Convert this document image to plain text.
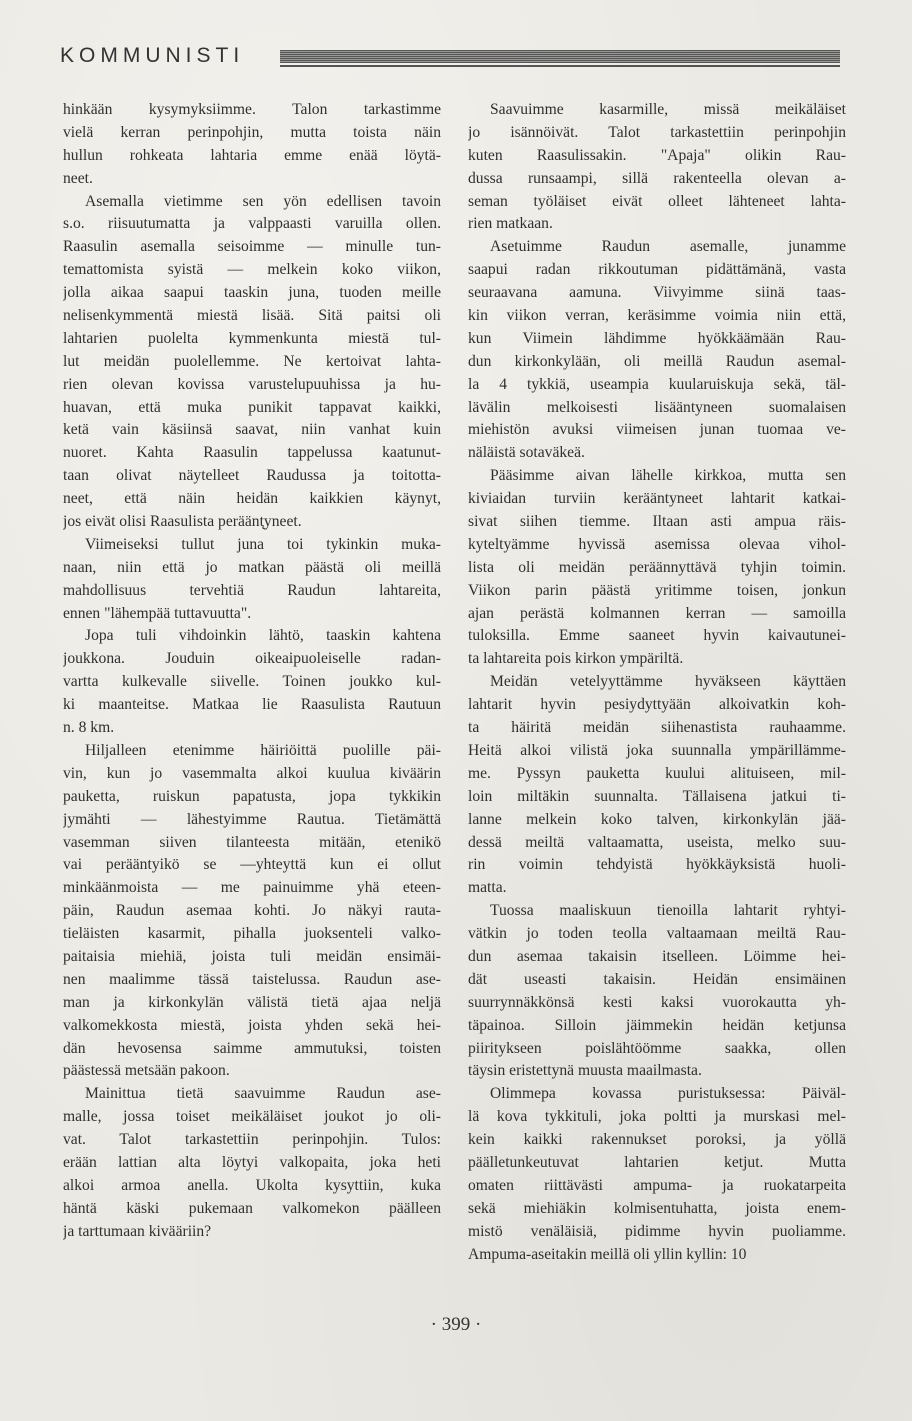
KOMMUNISTI
hinkään kysymyksiimme. Talon tarkastimme
vielä kerran perinpohjin, mutta toista näin
hullun rohkeata lahtaria emme enää löytä-
neet.
Asemalla vietimme sen yön edellisen tavoin
s.o. riisuutumatta ja valppaasti varuilla ollen.
Raasulin asemalla seisoimme — minulle tun-
temattomista syistä — melkein koko viikon,
jolla aikaa saapui taaskin juna, tuoden meille
nelisenkymmentä miestä lisää. Sitä paitsi oli
lahtarien puolelta kymmenkunta miestä tul-
lut meidän puolellemme. Ne kertoivat lahta-
rien olevan kovissa varustelupuuhissa ja hu-
huavan, että muka punikit tappavat kaikki,
ketä vain käsiinsä saavat, niin vanhat kuin
nuoret. Kahta Raasulin tappelussa kaatunut-
taan olivat näytelleet Raudussa ja toitotta-
neet, että näin heidän kaikkien käynyt,
jos eivät olisi Raasulista peräänt̨yneet.
Viimeiseksi tullut juna toi tykinkin muka-
naan, niin että jo matkan päästä oli meillä
mahdollisuus tervehtiä Raudun lahtareita,
ennen "lähempää tuttavuutta".
Jopa tuli vihdoinkin lähtö, taaskin kahtena
joukkona. Jouduin oikeaipuoleiselle radan-
vartta kulkevalle siivelle. Toinen joukko kul-
ki maanteitse. Matkaa lie Raasulista Rautuun
n. 8 km.
Hiljalleen etenimme häiriöittä puolille päi-
vin, kun jo vasemmalta alkoi kuulua kiväärin
pauketta, ruiskun papatusta, jopa tykkikin
jymähti — lähestyimme Rautua. Tietämättä
vasemman siiven tilanteesta mitään, etenikö
vai perääntyikö se —yhteyttä kun ei ollut
minkäänmoista — me painuimme yhä eteen-
päin, Raudun asemaa kohti. Jo näkyi rauta-
tieläisten kasarmit, pihalla juoksenteli valko-
paitaisia miehiä, joista tuli meidän ensimäi-
nen maalimme tässä taistelussa. Raudun ase-
man ja kirkonkylän välistä tietä ajaa neljä
valkomekkosta miestä, joista yhden sekä hei-
dän hevosensa saimme ammutuksi, toisten
päästessä metsään pakoon.
Mainittua tietä saavuimme Raudun ase-
malle, jossa toiset meikäläiset joukot jo oli-
vat. Talot tarkastettiin perinpohjin. Tulos:
erään lattian alta löytyi valkopaita, joka heti
alkoi armoa anella. Ukolta kysyttiin, kuka
häntä käski pukemaan valkomekon päälleen
ja tarttumaan kivääriin?
Saavuimme kasarmille, missä meikäläiset
jo isännöivät. Talot tarkastettiin perinpohjin
kuten Raasulissakin. "Apaja" olikin Rau-
dussa runsaampi, sillä rakenteella olevan a-
seman työläiset eivät olleet lähteneet lahta-
rien matkaan.
Asetuimme Raudun asemalle, junamme
saapui radan rikkoutuman pidättämänä, vasta
seuraavana aamuna. Viivyimme siinä taas-
kin viikon verran, keräsimme voimia niin että,
kun Viimein lähdimme hyökkäämään Rau-
dun kirkonkylään, oli meillä Raudun asemal-
la 4 tykkiä, useampia kuularuiskuja sekä, täl-
lävälin melkoisesti lisääntyneen suomalaisen
miehistön avuksi viimeisen junan tuomaa ve-
näläistä sotaväkeä.
Pääsimme aivan lähelle kirkkoa, mutta sen
kiviaidan turviin kerääntyneet lahtarit katkai-
sivat siihen tiemme. Iltaan asti ampua räis-
kyteltyämme hyvissä asemissa olevaa vihol-
lista oli meidän peräännyttävä tyhjin toimin.
Viikon parin päästä yritimme toisen, jonkun
ajan perästä kolmannen kerran — samoilla
tuloksilla. Emme saaneet hyvin kaivautunei-
ta lahtareita pois kirkon ympäriltä.
Meidän vetelyyttämme hyväkseen käyttäen
lahtarit hyvin pesiydyttyään alkoivatkin koh-
ta häiritä meidän siihenastista rauhaamme.
Heitä alkoi vilistä joka suunnalla ympärillämme-
me. Pyssyn pauketta kuului alituiseen, mil-
loin miltäkin suunnalta. Tällaisena jatkui ti-
lanne melkein koko talven, kirkonkylän jää-
dessä meiltä valtaamatta, useista, melko suu-
rin voimin tehdyistä hyökkäyksistä huoli-
matta.
Tuossa maaliskuun tienoilla lahtarit ryhtyi-
vätkin jo toden teolla valtaamaan meiltä Rau-
dun asemaa takaisin itselleen. Löimme hei-
dät useasti takaisin. Heidän ensimäinen
suurrynnäkkönsä kesti kaksi vuorokautta yh-
täpainoa. Silloin jäimmekin heidän ketjunsa
piiritykseen poislähtöömme saakka, ollen
täysin eristettynä muusta maailmasta.
Olimmepa kovassa puristuksessa: Päiväl-
lä kova tykkituli, joka poltti ja murskasi mel-
kein kaikki rakennukset poroksi, ja yöllä
päälletunkeutuvat lahtarien ketjut. Mutta
omaten riittävästi ampuma- ja ruokatarpeita
sekä miehiäkin kolmisentuhatta, joista enem-
mistö venäläisiä, pidimme hyvin puoliamme.
Ampuma-aseitakin meillä oli yllin kyllin: 10
· 399 ·
